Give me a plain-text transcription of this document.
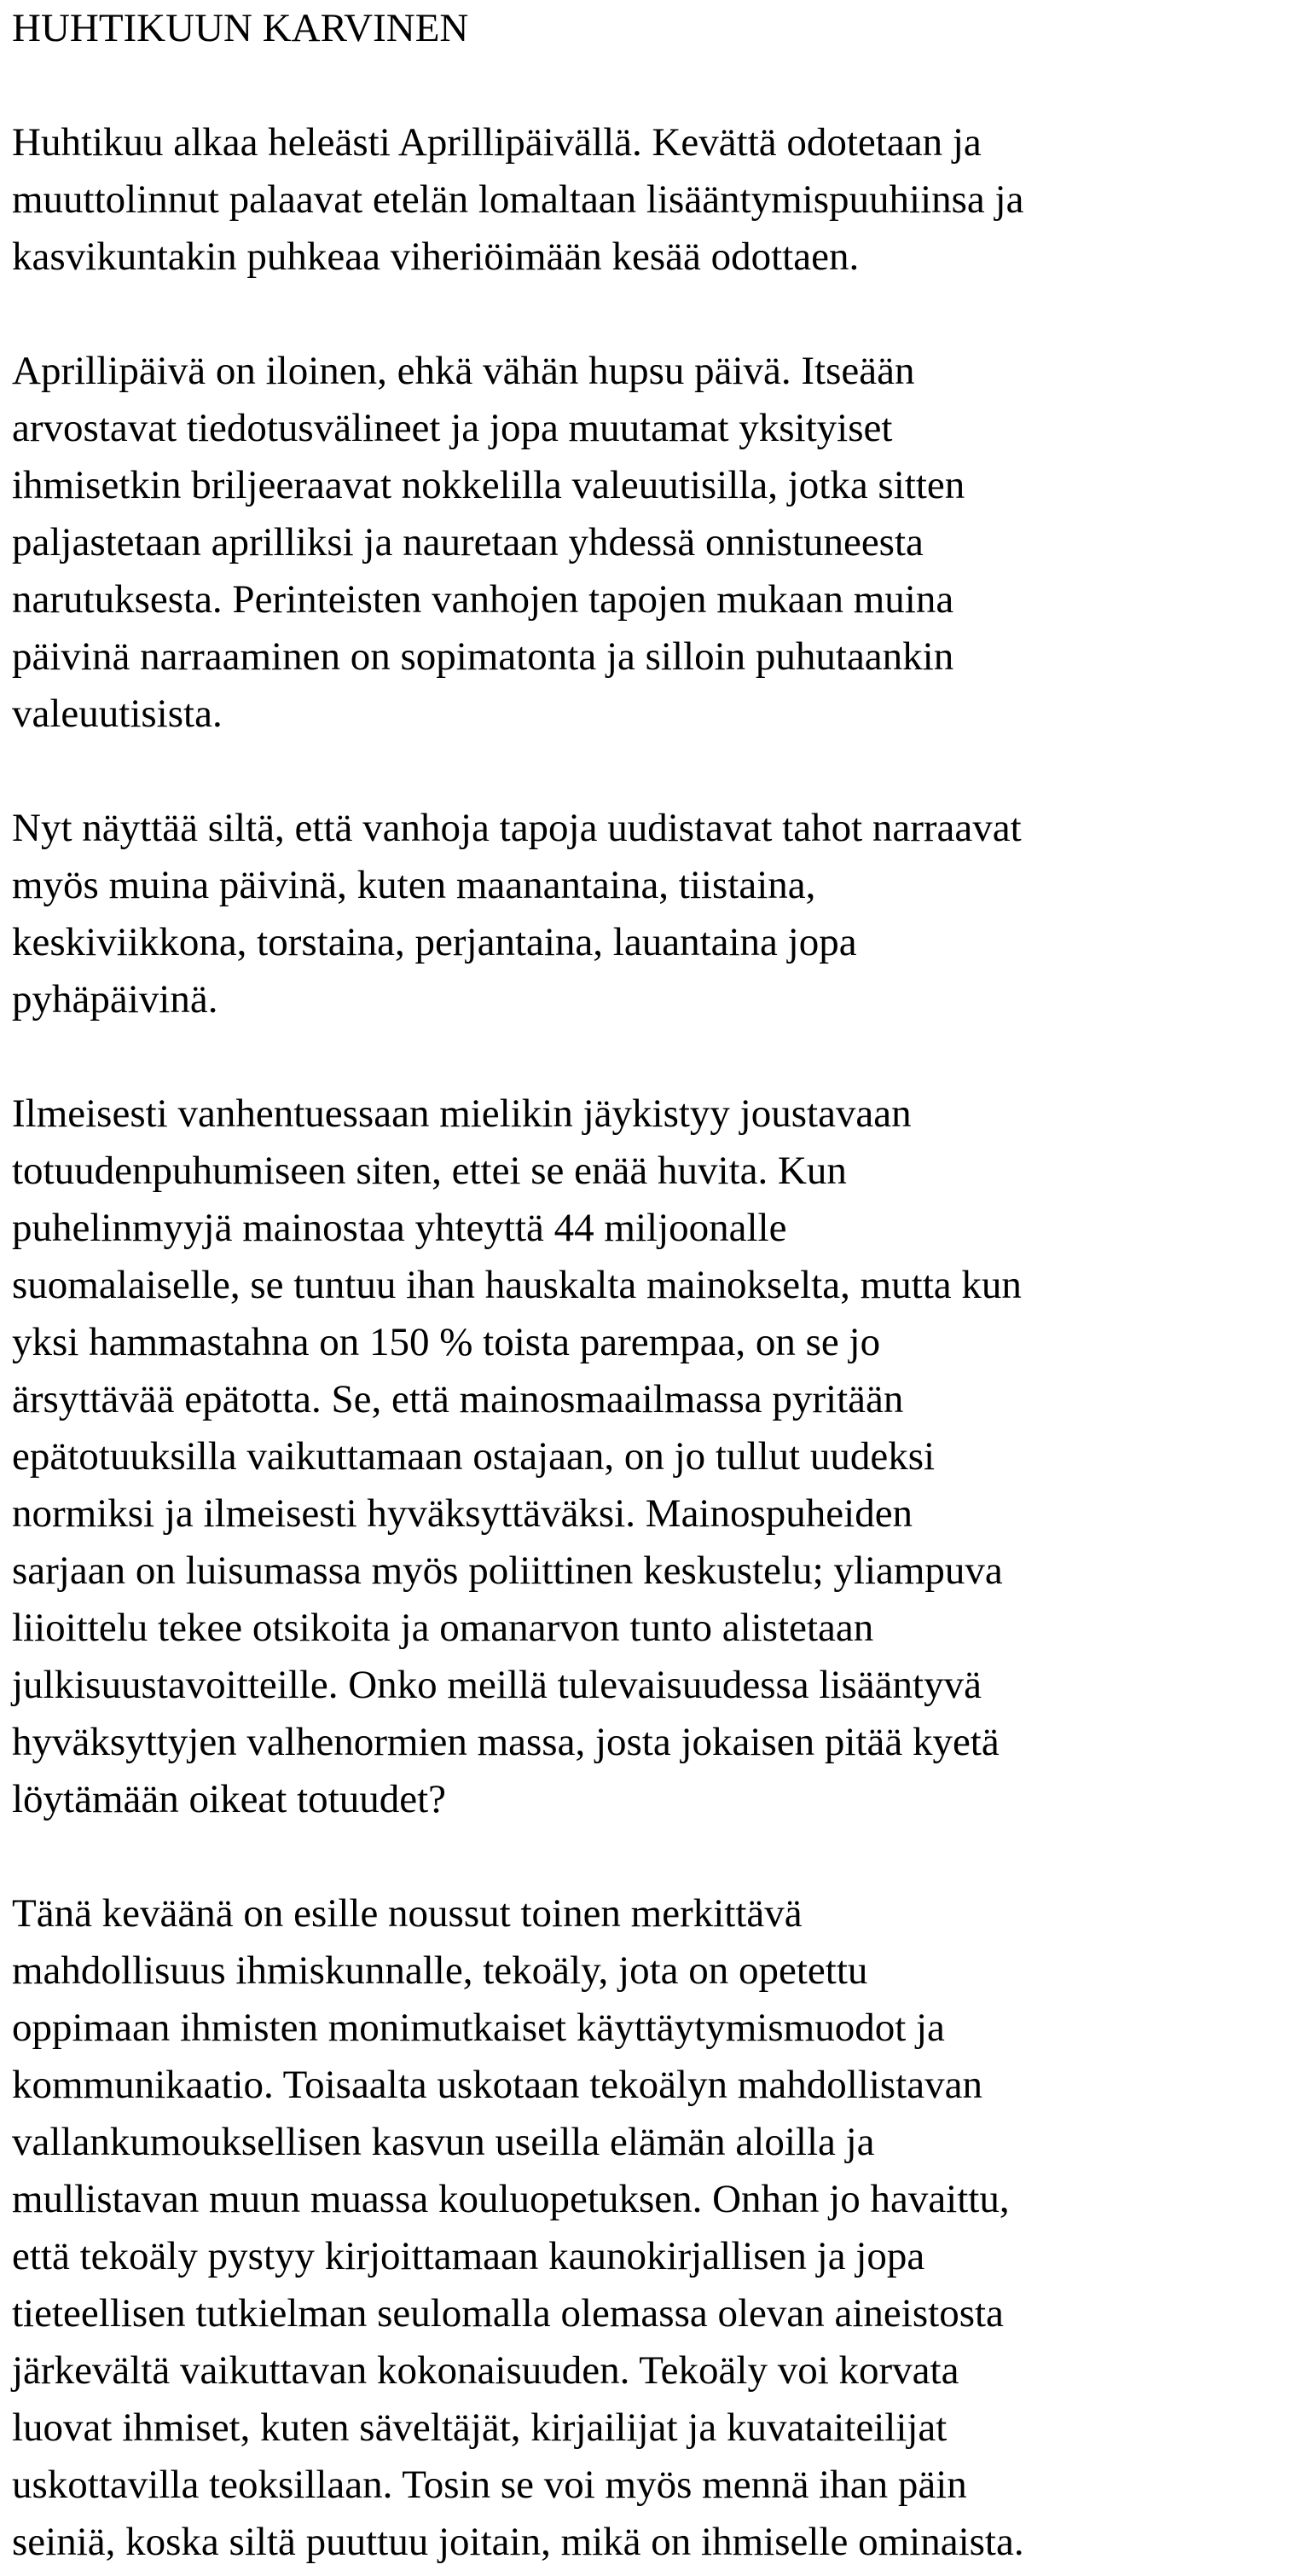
HUHTIKUUN KARVINEN
Huhtikuu alkaa heleästi Aprillipäivällä. Kevättä odotetaan ja
muuttolinnut palaavat etelän lomaltaan lisääntymispuuhiinsa ja
kasvikuntakin puhkeaa viheriöimään kesää odottaen.
Aprillipäivä on iloinen, ehkä vähän hupsu päivä. Itseään
arvostavat tiedotusvälineet ja jopa muutamat yksityiset
ihmisetkin briljeeraavat nokkelilla valeuutisilla, jotka sitten
paljastetaan aprilliksi ja nauretaan yhdessä onnistuneesta
narutuksesta. Perinteisten vanhojen tapojen mukaan muina
päivinä narraaminen on sopimatonta ja silloin puhutaankin
valeuutisista.
Nyt näyttää siltä, että vanhoja tapoja uudistavat tahot narraavat
myös muina päivinä, kuten maanantaina, tiistaina,
keskiviikkona, torstaina, perjantaina, lauantaina jopa
pyhäpäivinä.
Ilmeisesti vanhentuessaan mielikin jäykistyy joustavaan
totuudenpuhumiseen siten, ettei se enää huvita. Kun
puhelinmyyjä mainostaa yhteyttä 44 miljoonalle
suomalaiselle, se tuntuu ihan hauskalta mainokselta, mutta kun
yksi hammastahna on 150 % toista parempaa, on se jo
ärsyttävää epätotta. Se, että mainosmaailmassa pyritään
epätotuuksilla vaikuttamaan ostajaan, on jo tullut uudeksi
normiksi ja ilmeisesti hyväksyttäväksi. Mainospuheiden
sarjaan on luisumassa myös poliittinen keskustelu; yliampuva
liioittelu tekee otsikoita ja omanarvon tunto alistetaan
julkisuustavoitteille. Onko meillä tulevaisuudessa lisääntyvä
hyväksyttyjen valhenormien massa, josta jokaisen pitää kyetä
löytämään oikeat totuudet?
Tänä keväänä on esille noussut toinen merkittävä
mahdollisuus ihmiskunnalle, tekoäly, jota on opetettu
oppimaan ihmisten monimutkaiset käyttäytymismuodot ja
kommunikaatio. Toisaalta uskotaan tekoälyn mahdollistavan
vallankumouksellisen kasvun useilla elämän aloilla ja
mullistavan muun muassa kouluopetuksen. Onhan jo havaittu,
että tekoäly pystyy kirjoittamaan kaunokirjallisen ja jopa
tieteellisen tutkielman seulomalla olemassa olevan aineistosta
järkevältä vaikuttavan kokonaisuuden. Tekoäly voi korvata
luovat ihmiset, kuten säveltäjät, kirjailijat ja kuvataiteilijat
uskottavilla teoksillaan. Tosin se voi myös mennä ihan päin
seiniä, koska siltä puuttuu joitain, mikä on ihmiselle ominaista.
